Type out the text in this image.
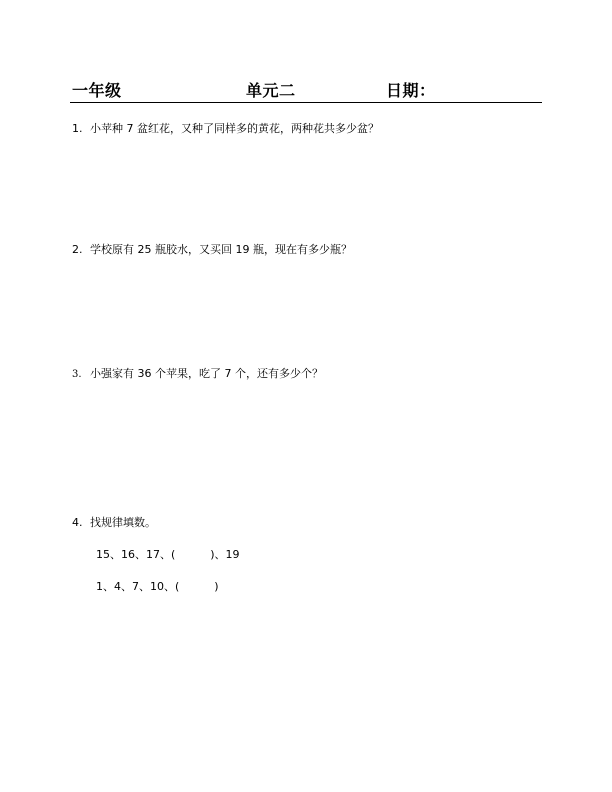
一年级	单元二	日期：
1. 小苹种 7 盆红花，又种了同样多的黄花，两种花共多少盆？
2. 学校原有 25 瓶胶水，又买回 19 瓶，现在有多少瓶？
3. 小强家有 36 个苹果，吃了 7 个，还有多少个？
4. 找规律填数。
15、16、17、(          )、19
1、4、7、10、(          )
